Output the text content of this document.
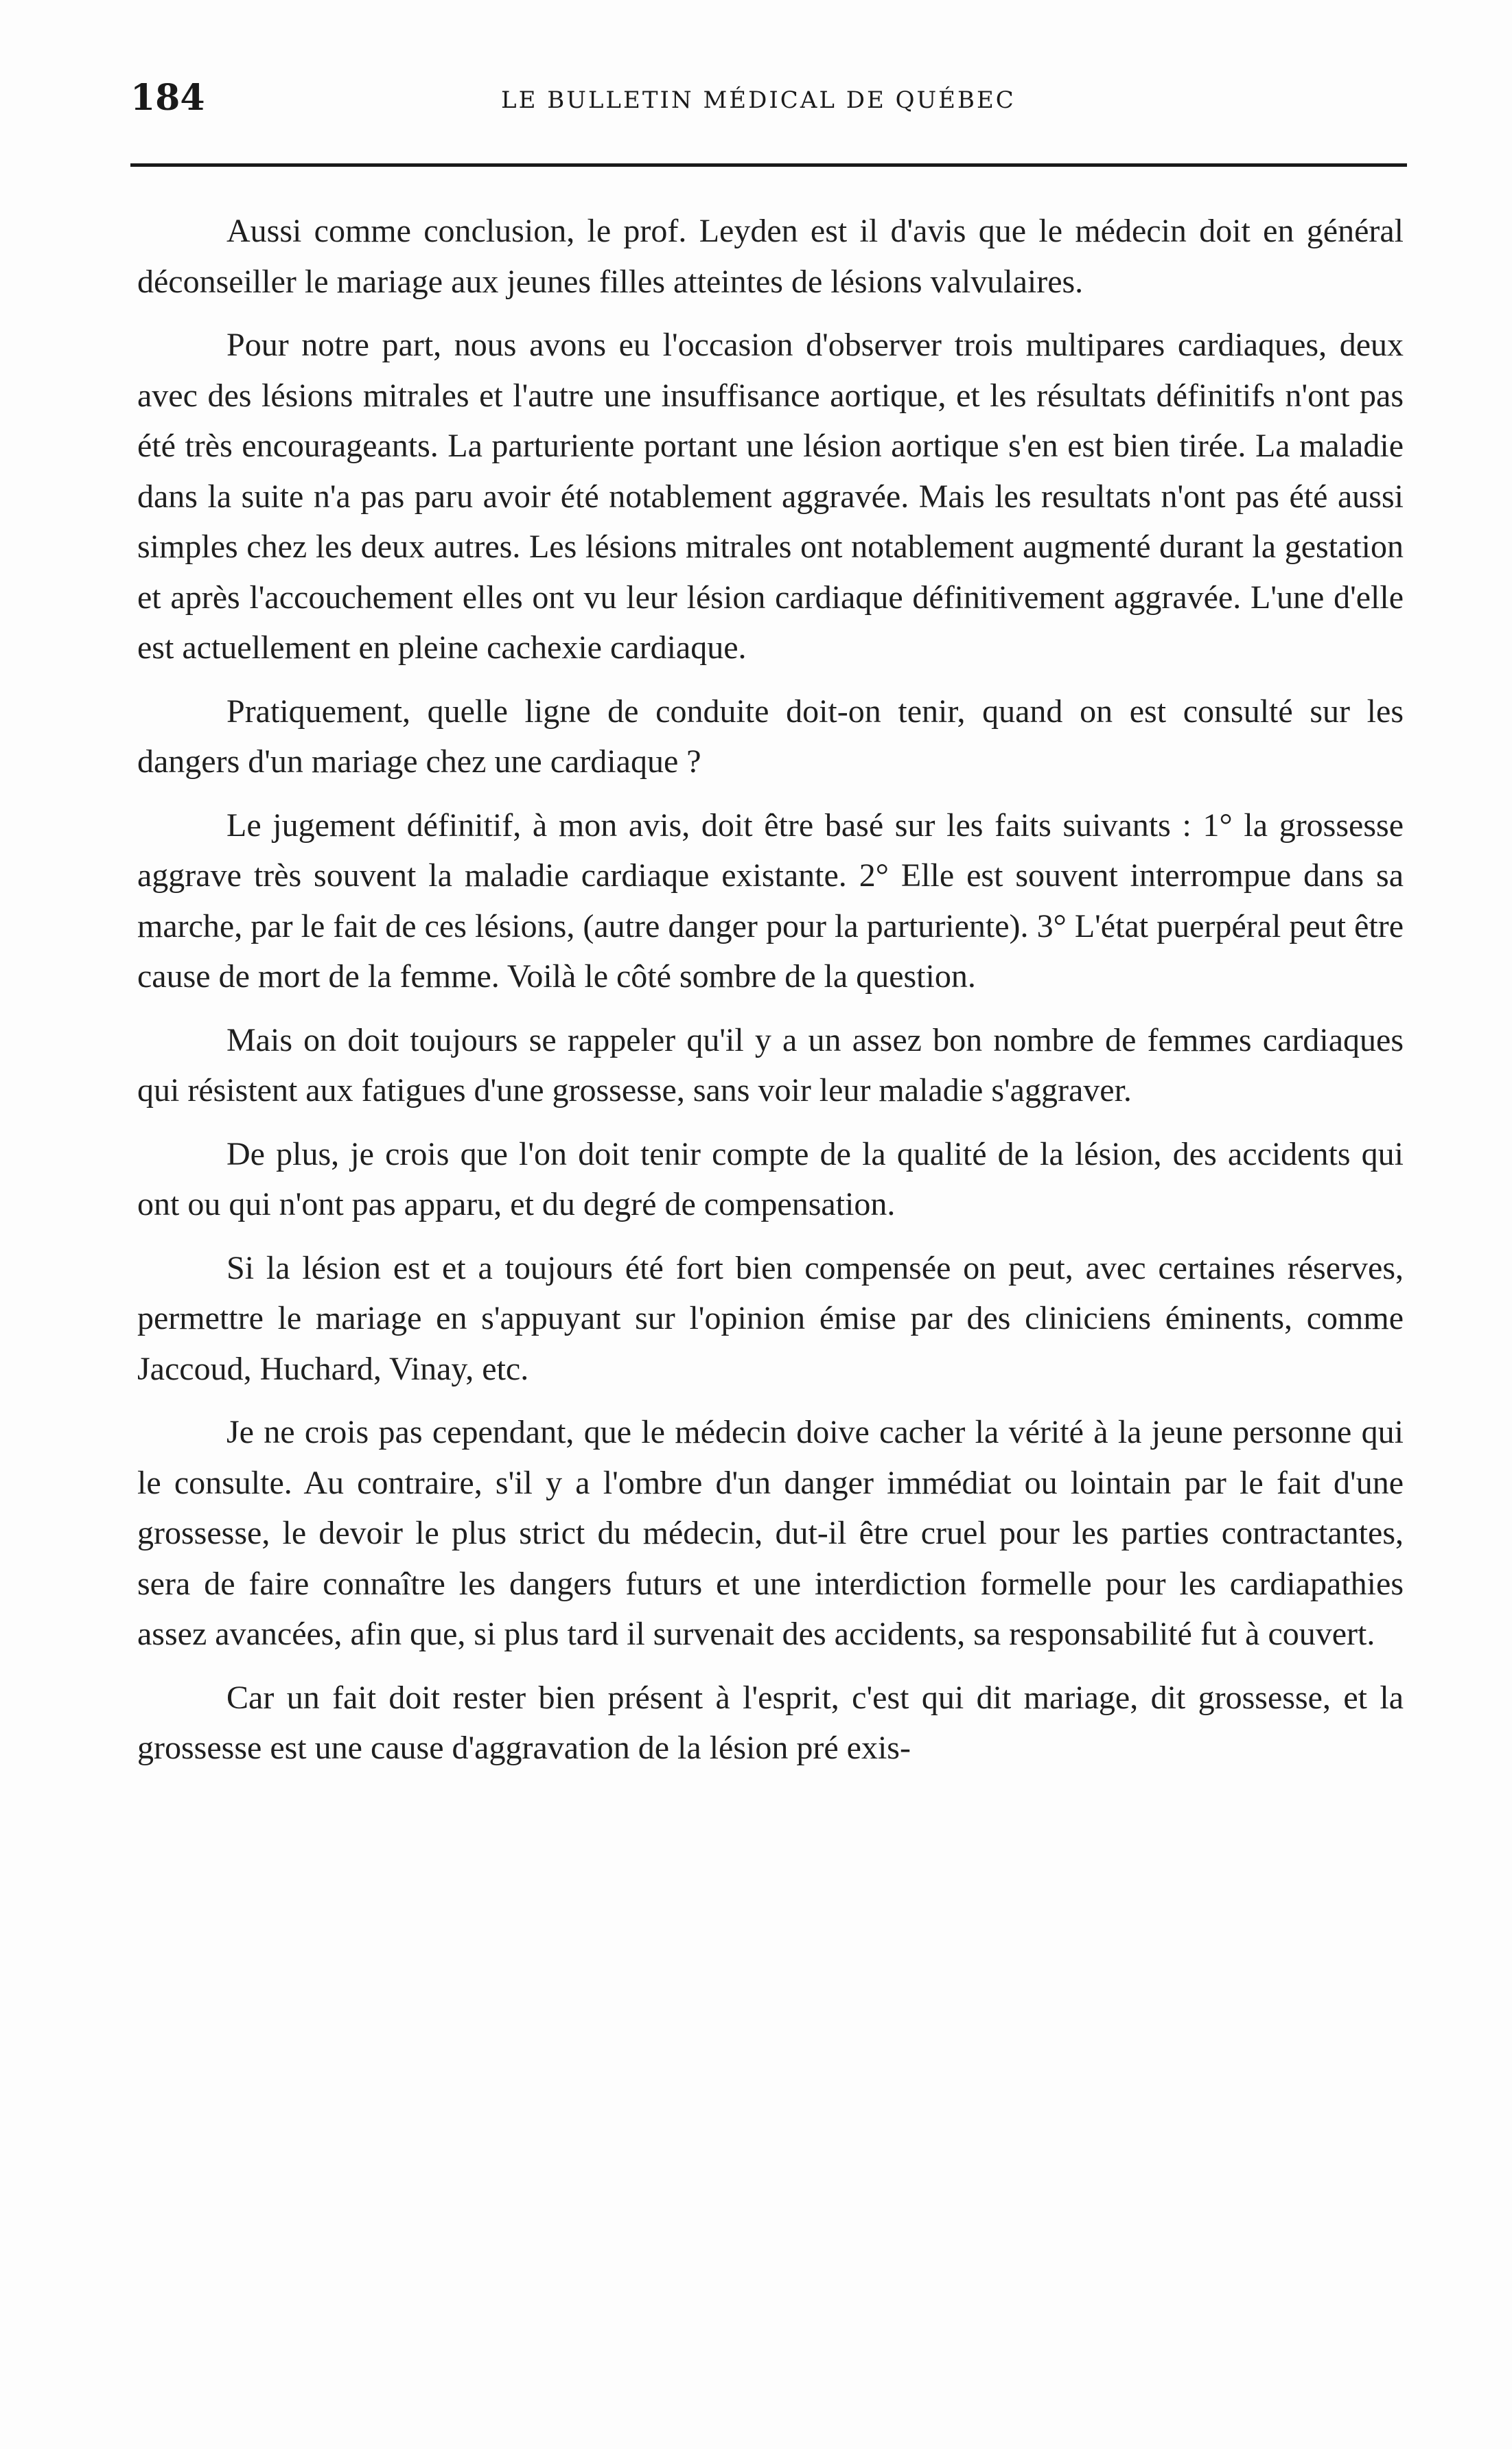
184	LE BULLETIN MÉDICAL DE QUÉBEC

Aussi comme conclusion, le prof. Leyden est il d'avis que le médecin doit en général déconseiller le mariage aux jeunes filles atteintes de lésions valvulaires.

Pour notre part, nous avons eu l'occasion d'observer trois multipares cardiaques, deux avec des lésions mitrales et l'autre une insuffisance aortique, et les résultats définitifs n'ont pas été très encourageants. La parturiente portant une lésion aortique s'en est bien tirée. La maladie dans la suite n'a pas paru avoir été notablement aggravée. Mais les resultats n'ont pas été aussi simples chez les deux autres. Les lésions mitrales ont notablement augmenté durant la gestation et après l'accouchement elles ont vu leur lésion cardiaque définitivement aggravée. L'une d'elle est actuellement en pleine cachexie cardiaque.

Pratiquement, quelle ligne de conduite doit-on tenir, quand on est consulté sur les dangers d'un mariage chez une cardiaque ?

Le jugement définitif, à mon avis, doit être basé sur les faits suivants : 1° la grossesse aggrave très souvent la maladie cardiaque existante. 2° Elle est souvent interrompue dans sa marche, par le fait de ces lésions, (autre danger pour la parturiente). 3° L'état puerpéral peut être cause de mort de la femme. Voilà le côté sombre de la question.

Mais on doit toujours se rappeler qu'il y a un assez bon nombre de femmes cardiaques qui résistent aux fatigues d'une grossesse, sans voir leur maladie s'aggraver.

De plus, je crois que l'on doit tenir compte de la qualité de la lésion, des accidents qui ont ou qui n'ont pas apparu, et du degré de compensation.

Si la lésion est et a toujours été fort bien compensée on peut, avec certaines réserves, permettre le mariage en s'appuyant sur l'opinion émise par des cliniciens éminents, comme Jaccoud, Huchard, Vinay, etc.

Je ne crois pas cependant, que le médecin doive cacher la vérité à la jeune personne qui le consulte. Au contraire, s'il y a l'ombre d'un danger immédiat ou lointain par le fait d'une grossesse, le devoir le plus strict du médecin, dut-il être cruel pour les parties contractantes, sera de faire connaître les dangers futurs et une interdiction formelle pour les cardiapathies assez avancées, afin que, si plus tard il survenait des accidents, sa responsabilité fut à couvert.

Car un fait doit rester bien présent à l'esprit, c'est qui dit mariage, dit grossesse, et la grossesse est une cause d'aggravation de la lésion pré exis-
